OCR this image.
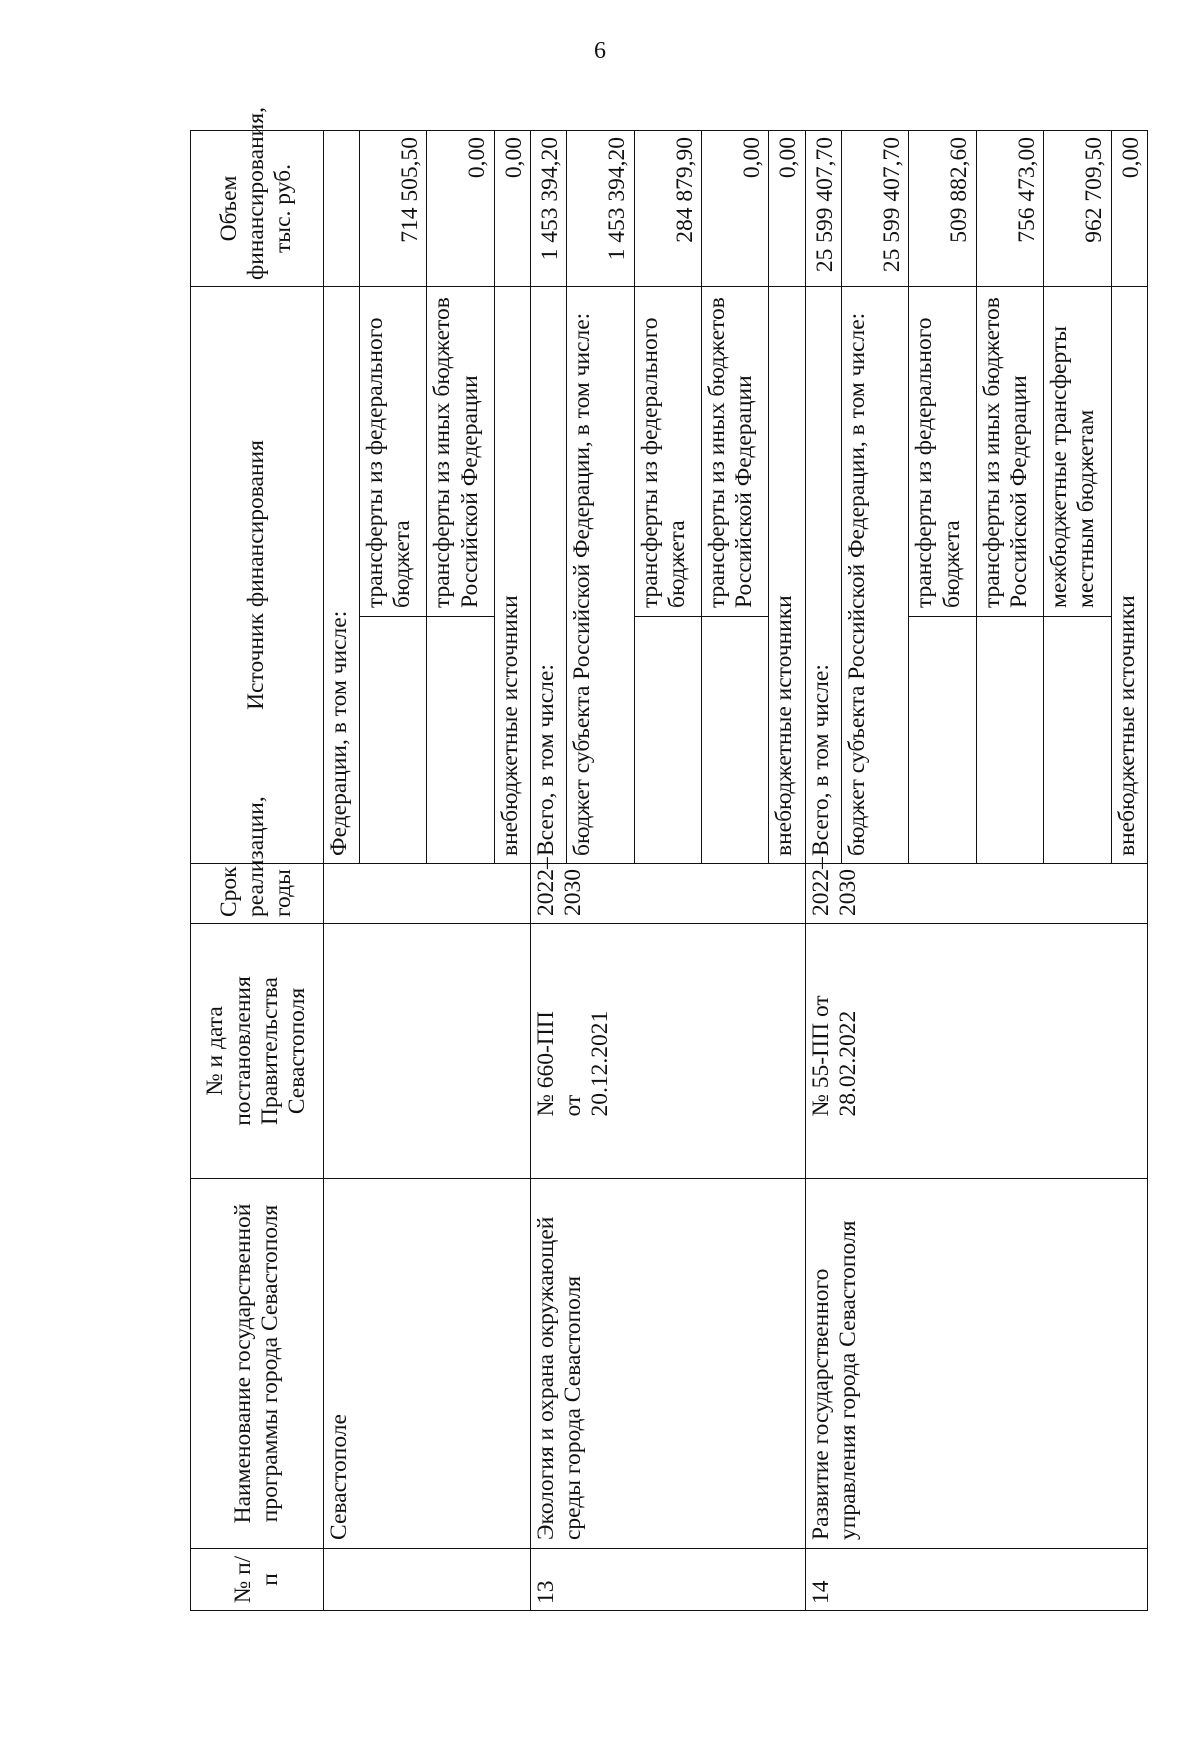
6
№ п/п	Наименование государственной программы города Севастополя	№ и дата постановления Правительства Севастополя			Срок реализации, годы	Источник финансирования		Объем финансирования, тыс. руб.
	Севастополе					Федерации, в том числе:		
							трансферты из федерального бюджета	714 505,50
							трансферты из иных бюджетов Российской Федерации	0,00
						внебюджетные источники		0,00
13	Экология и охрана окружающей среды города Севастополя		№ 660-ПП от 20.12.2021		2022–2030	Всего, в том числе:		1 453 394,20
						бюджет субъекта Российской Федерации, в том числе:		1 453 394,20
							трансферты из федерального бюджета	284 879,90
							трансферты из иных бюджетов Российской Федерации	0,00
						внебюджетные источники		0,00
14	Развитие государственного управления города Севастополя		№ 55-ПП от 28.02.2022		2022–2030	Всего, в том числе:		25 599 407,70
						бюджет субъекта Российской Федерации, в том числе:		25 599 407,70
							трансферты из федерального бюджета	509 882,60
							трансферты из иных бюджетов Российской Федерации	756 473,00
							межбюджетные трансферты местным бюджетам	962 709,50
						внебюджетные источники		0,00
